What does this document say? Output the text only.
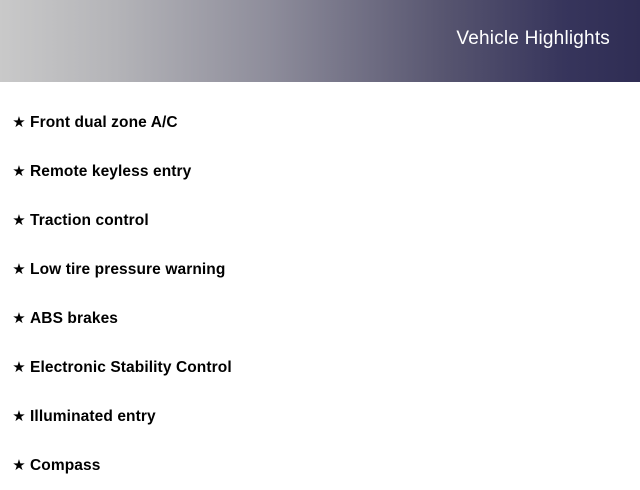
Vehicle Highlights
★ Front dual zone A/C
★ Remote keyless entry
★ Traction control
★ Low tire pressure warning
★ ABS brakes
★ Electronic Stability Control
★ Illuminated entry
★ Compass
